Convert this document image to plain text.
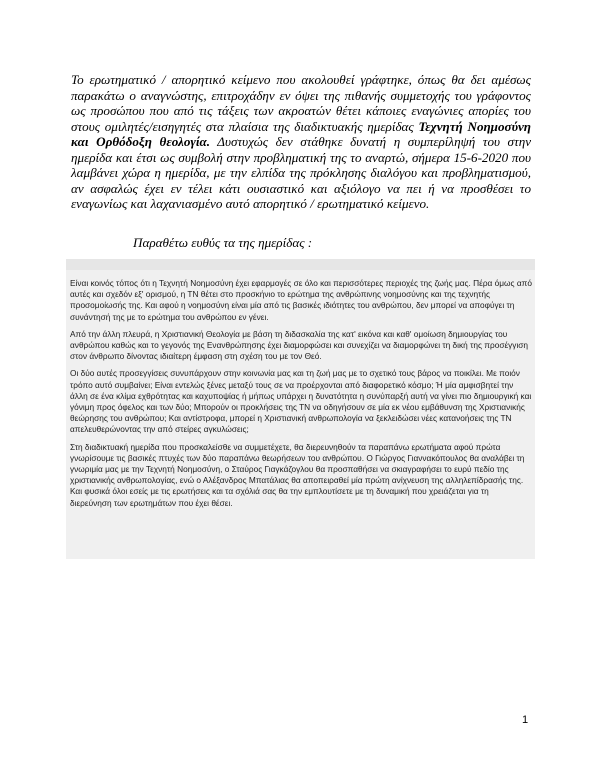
Το ερωτηματικό / απορητικό κείμενο που ακολουθεί γράφτηκε, όπως θα δει αμέσως παρακάτω ο αναγνώστης, επιτροχάδην εν όψει της πιθανής συμμετοχής του γράφοντος ως προσώπου που από τις τάξεις των ακροατών θέτει κάποιες εναγώνιες απορίες του στους ομιλητές/εισηγητές στα πλαίσια της διαδικτυακής ημερίδας Τεχνητή Νοημοσύνη και Ορθόδοξη θεολογία. Δυστυχώς δεν στάθηκε δυνατή η συμπερίληψή του στην ημερίδα και έτσι ως συμβολή στην προβληματική της το αναρτώ, σήμερα 15-6-2020 που λαμβάνει χώρα η ημερίδα, με την ελπίδα της πρόκλησης διαλόγου και προβληματισμού, αν ασφαλώς έχει εν τέλει κάτι ουσιαστικό και αξιόλογο να πει ή να προσθέσει το εναγωνίως και λαχανιασμένο αυτό απορητικό / ερωτηματικό κείμενο.

Παραθέτω ευθύς τα της ημερίδας :

Είναι κοινός τόπος ότι η Τεχνητή Νοημοσύνη έχει εφαρμογές σε όλο και περισσότερες περιοχές της ζωής μας. Πέρα όμως από αυτές και σχεδόν εξ' ορισμού, η ΤΝ θέτει στο προσκήνιο το ερώτημα της ανθρώπινης νοημοσύνης και της τεχνητής προσομοίωσής της. Και αφού η νοημοσύνη είναι μία από τις βασικές ιδιότητες του ανθρώπου, δεν μπορεί να αποφύγει τη συνάντησή της με το ερώτημα του ανθρώπου εν γένει.

Από την άλλη πλευρά, η Χριστιανική Θεολογία με βάση τη διδασκαλία της κατ' εικόνα και καθ' ομοίωση δημιουργίας του ανθρώπου καθώς και το γεγονός της Ενανθρώπησης έχει διαμορφώσει και συνεχίζει να διαμορφώνει τη δική της προσέγγιση στον άνθρωπο δίνοντας ιδιαίτερη έμφαση στη σχέση του με τον Θεό.

Οι δύο αυτές προσεγγίσεις συνυπάρχουν στην κοινωνία μας και τη ζωή μας με το σχετικό τους βάρος να ποικίλει. Με ποιόν τρόπο αυτό συμβαίνει; Είναι εντελώς ξένες μεταξύ τους σε να προέρχονται από διαφορετικό κόσμο; Ή μία αμφισβητεί την άλλη σε ένα κλίμα εχθρότητας και καχυποψίας ή μήπως υπάρχει η δυνατότητα η συνύπαρξή αυτή να γίνει πιο δημιουργική και γόνιμη προς όφελος και των δύο; Μπορούν οι προκλήσεις της ΤΝ να οδηγήσουν σε μία εκ νέου εμβάθυνση της Χριστιανικής θεώρησης του ανθρώπου; Και αντίστροφα, μπορεί η Χριστιανική ανθρωπολογία να ξεκλειδώσει νέες κατανοήσεις της ΤΝ απελευθερώνοντας την από στείρες αγκυλώσεις;

Στη διαδικτυακή ημερίδα που προσκαλείσθε να συμμετέχετε, θα διερευνηθούν τα παραπάνω ερωτήματα αφού πρώτα γνωρίσουμε τις βασικές πτυχές των δύο παραπάνω θεωρήσεων του ανθρώπου. Ο Γιώργος Γιαννακόπουλος θα αναλάβει τη γνωριμία μας με την Τεχνητή Νοημοσύνη, ο Σταύρος Γιαγκάζογλου θα προσπαθήσει να σκιαγραφήσει το ευρύ πεδίο της χριστιανικής ανθρωπολογίας, ενώ ο Αλέξανδρος Μπατάλιας θα αποπειραθεί μία πρώτη ανίχνευση της αλληλεπίδρασής της. Και φυσικά όλοι εσείς με τις ερωτήσεις και τα σχόλιά σας θα την εμπλουτίσετε με τη δυναμική που χρειάζεται για τη διερεύνηση των ερωτημάτων που έχει θέσει.

1
